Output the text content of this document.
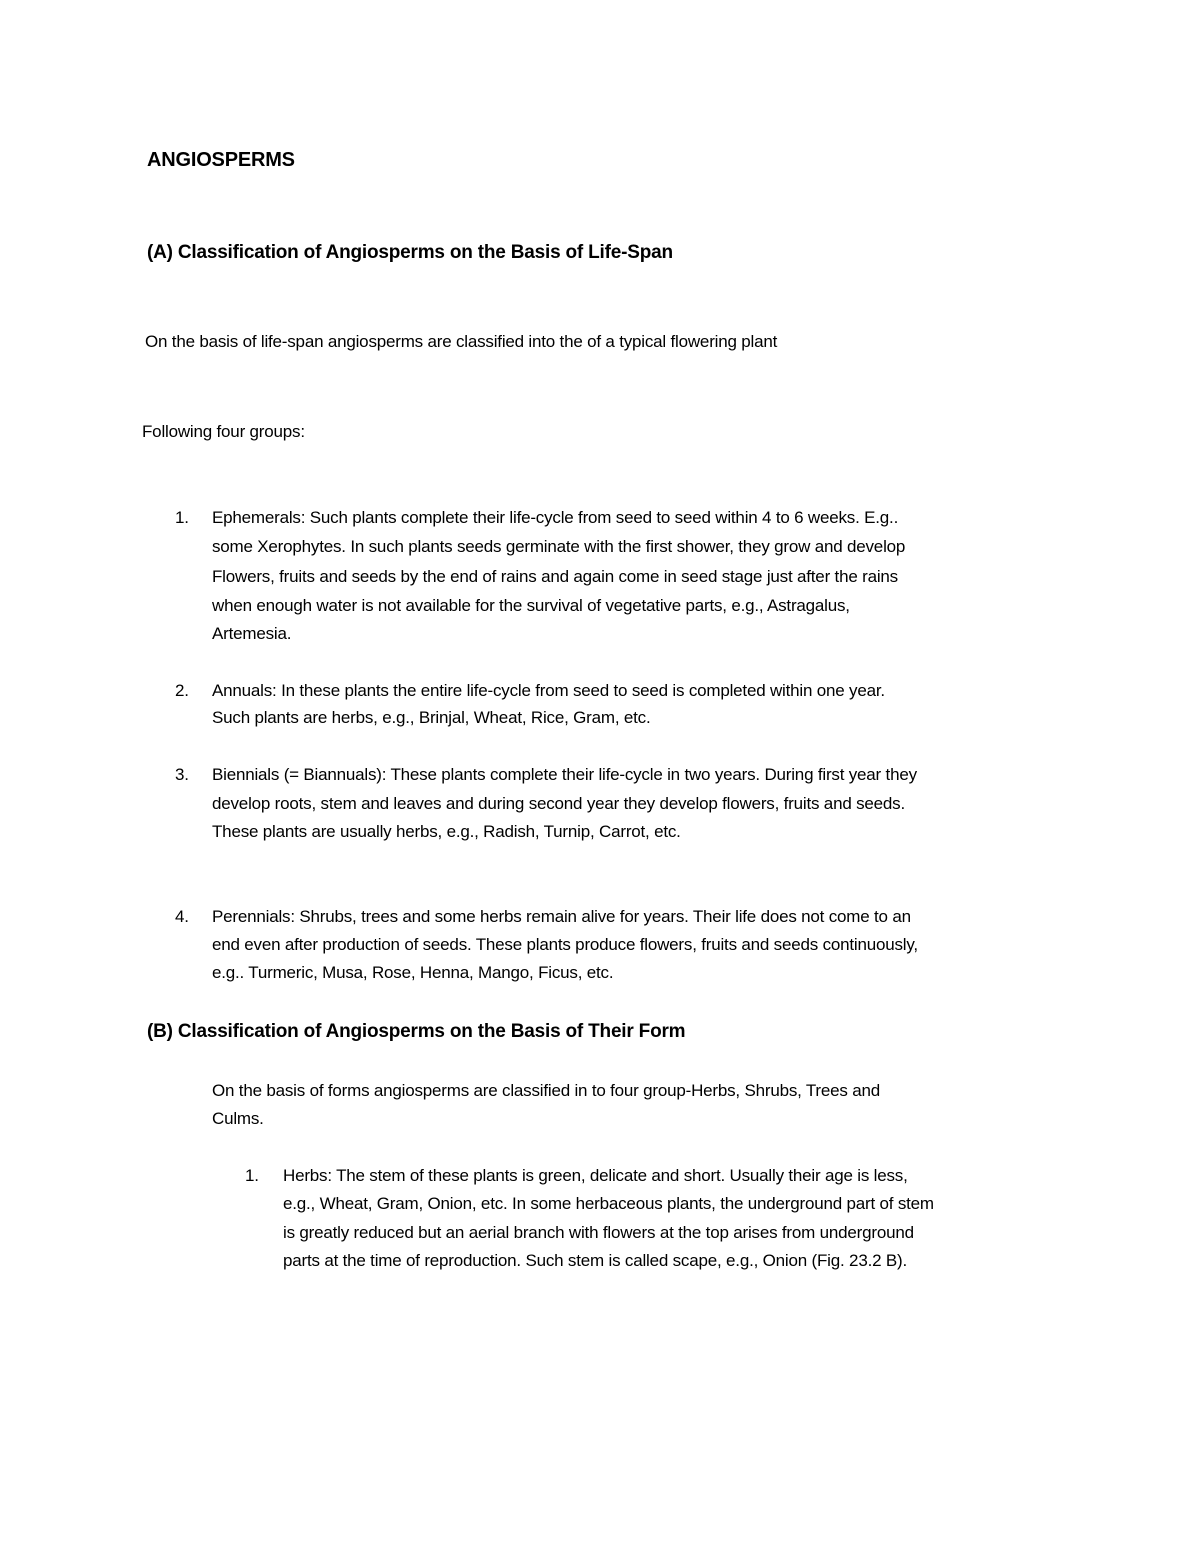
ANGIOSPERMS
(A) Classification of Angiosperms on the Basis of Life-Span
On the basis of life-span angiosperms are classified into the of a typical flowering plant
Following four groups:
1. Ephemerals: Such plants complete their life-cycle from seed to seed within 4 to 6 weeks. E.g..
some Xerophytes. In such plants seeds germinate with the first shower, they grow and develop
Flowers, fruits and seeds by the end of rains and again come in seed stage just after the rains
when enough water is not available for the survival of vegetative parts, e.g., Astragalus,
Artemesia.
2. Annuals: In these plants the entire life-cycle from seed to seed is completed within one year.
Such plants are herbs, e.g., Brinjal, Wheat, Rice, Gram, etc.
3. Biennials (= Biannuals): These plants complete their life-cycle in two years. During first year they
develop roots, stem and leaves and during second year they develop flowers, fruits and seeds.
These plants are usually herbs, e.g., Radish, Turnip, Carrot, etc.
4. Perennials: Shrubs, trees and some herbs remain alive for years. Their life does not come to an
end even after production of seeds. These plants produce flowers, fruits and seeds continuously,
e.g.. Turmeric, Musa, Rose, Henna, Mango, Ficus, etc.
(B) Classification of Angiosperms on the Basis of Their Form
On the basis of forms angiosperms are classified in to four group-Herbs, Shrubs, Trees and
Culms.
1. Herbs: The stem of these plants is green, delicate and short. Usually their age is less,
e.g., Wheat, Gram, Onion, etc. In some herbaceous plants, the underground part of stem
is greatly reduced but an aerial branch with flowers at the top arises from underground
parts at the time of reproduction. Such stem is called scape, e.g., Onion (Fig. 23.2 B).
